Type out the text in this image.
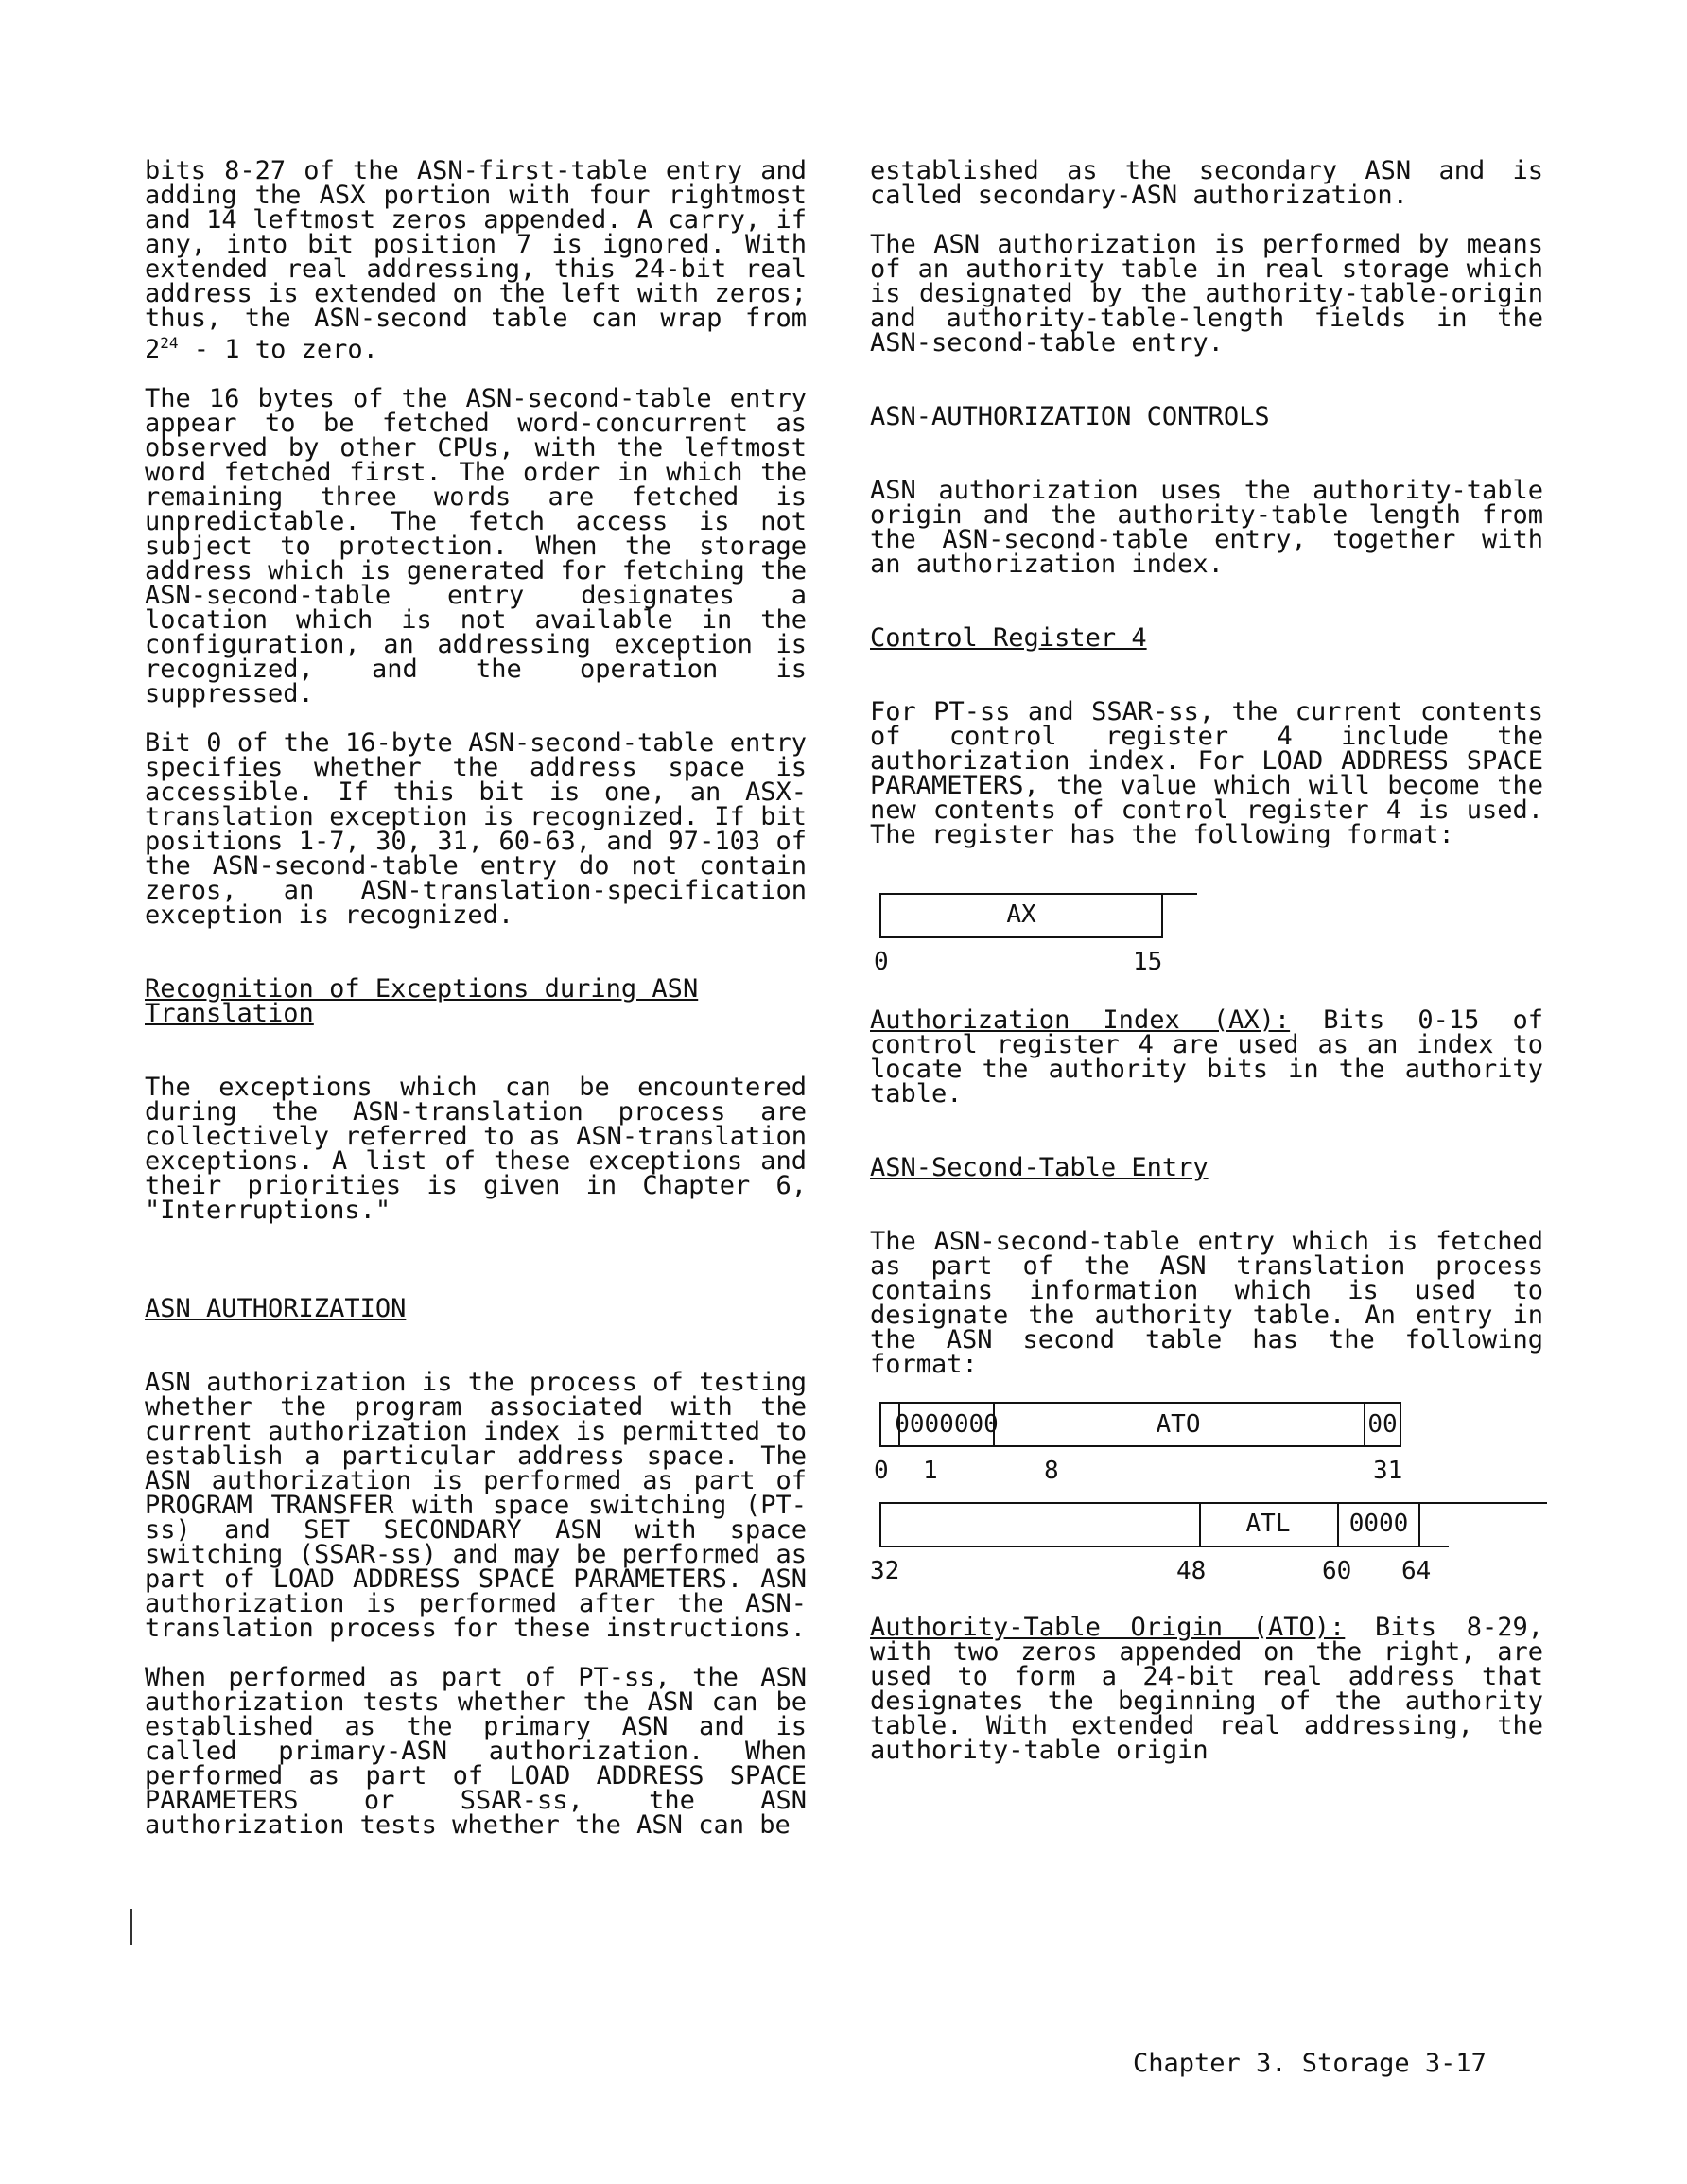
bits 8-27 of the ASN-first-table entry and adding the ASX portion with four rightmost and 14 leftmost zeros appended. A carry, if any, into bit position 7 is ignored. With extended real addressing, this 24-bit real address is extended on the left with zeros; thus, the ASN-second table can wrap from $2^{24} - 1$ to zero.

The 16 bytes of the ASN-second-table entry appear to be fetched word-concurrent as observed by other CPUs, with the leftmost word fetched first. The order in which the remaining three words are fetched is unpredictable. The fetch access is not subject to protection. When the storage address which is generated for fetching the ASN-second-table entry designates a location which is not available in the configuration, an addressing exception is recognized, and the operation is suppressed.

Bit 0 of the 16-byte ASN-second-table entry specifies whether the address space is accessible. If this bit is one, an ASX-translation exception is recognized. If bit positions 1-7, 30, 31, 60-63, and 97-103 of the ASN-second-table entry do not contain zeros, an ASN-translation-specification exception is recognized.

Recognition of Exceptions during ASN Translation

The exceptions which can be encountered during the ASN-translation process are collectively referred to as ASN-translation exceptions. A list of these exceptions and their priorities is given in Chapter 6, "Interruptions."

ASN AUTHORIZATION

ASN authorization is the process of testing whether the program associated with the current authorization index is permitted to establish a particular address space. The ASN authorization is performed as part of PROGRAM TRANSFER with space switching (PT-ss) and SET SECONDARY ASN with space switching (SSAR-ss) and may be performed as part of LOAD ADDRESS SPACE PARAMETERS. ASN authorization is performed after the ASN-translation process for these instructions.

When performed as part of PT-ss, the ASN authorization tests whether the ASN can be established as the primary ASN and is called primary-ASN authorization. When performed as part of LOAD ADDRESS SPACE PARAMETERS or SSAR-ss, the ASN authorization tests whether the ASN can be

established as the secondary ASN and is called secondary-ASN authorization.

The ASN authorization is performed by means of an authority table in real storage which is designated by the authority-table-origin and authority-table-length fields in the ASN-second-table entry.

ASN-AUTHORIZATION CONTROLS

ASN authorization uses the authority-table origin and the authority-table length from the ASN-second-table entry, together with an authorization index.

Control Register 4

For PT-ss and SSAR-ss, the current contents of control register 4 include the authorization index. For LOAD ADDRESS SPACE PARAMETERS, the value which will become the new contents of control register 4 is used. The register has the following format:

AX
0	15

Authorization Index (AX): Bits 0-15 of control register 4 are used as an index to locate the authority bits in the authority table.

ASN-Second-Table Entry

The ASN-second-table entry which is fetched as part of the ASN translation process contains information which is used to designate the authority table. An entry in the ASN second table has the following format:

0000000	ATO	00
0 1	8	31
ATL	0000
32	48	60 64

Authority-Table Origin (ATO): Bits 8-29, with two zeros appended on the right, are used to form a 24-bit real address that designates the beginning of the authority table. With extended real addressing, the authority-table origin

Chapter 3. Storage 3-17
